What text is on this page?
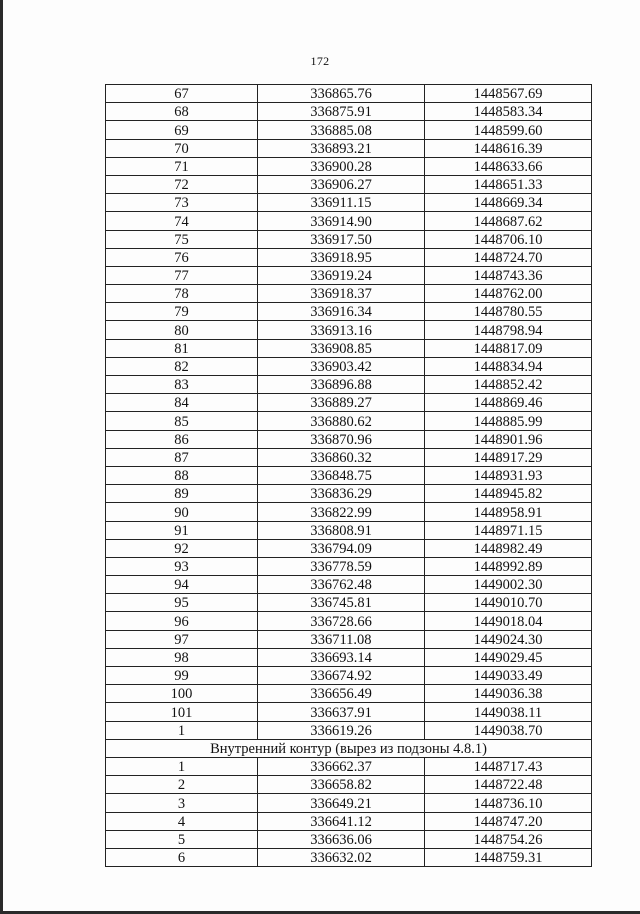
172
67	336865.76	1448567.69
68	336875.91	1448583.34
69	336885.08	1448599.60
70	336893.21	1448616.39
71	336900.28	1448633.66
72	336906.27	1448651.33
73	336911.15	1448669.34
74	336914.90	1448687.62
75	336917.50	1448706.10
76	336918.95	1448724.70
77	336919.24	1448743.36
78	336918.37	1448762.00
79	336916.34	1448780.55
80	336913.16	1448798.94
81	336908.85	1448817.09
82	336903.42	1448834.94
83	336896.88	1448852.42
84	336889.27	1448869.46
85	336880.62	1448885.99
86	336870.96	1448901.96
87	336860.32	1448917.29
88	336848.75	1448931.93
89	336836.29	1448945.82
90	336822.99	1448958.91
91	336808.91	1448971.15
92	336794.09	1448982.49
93	336778.59	1448992.89
94	336762.48	1449002.30
95	336745.81	1449010.70
96	336728.66	1449018.04
97	336711.08	1449024.30
98	336693.14	1449029.45
99	336674.92	1449033.49
100	336656.49	1449036.38
101	336637.91	1449038.11
1	336619.26	1449038.70
Внутренний контур (вырез из подзоны 4.8.1)		
1	336662.37	1448717.43
2	336658.82	1448722.48
3	336649.21	1448736.10
4	336641.12	1448747.20
5	336636.06	1448754.26
6	336632.02	1448759.31
